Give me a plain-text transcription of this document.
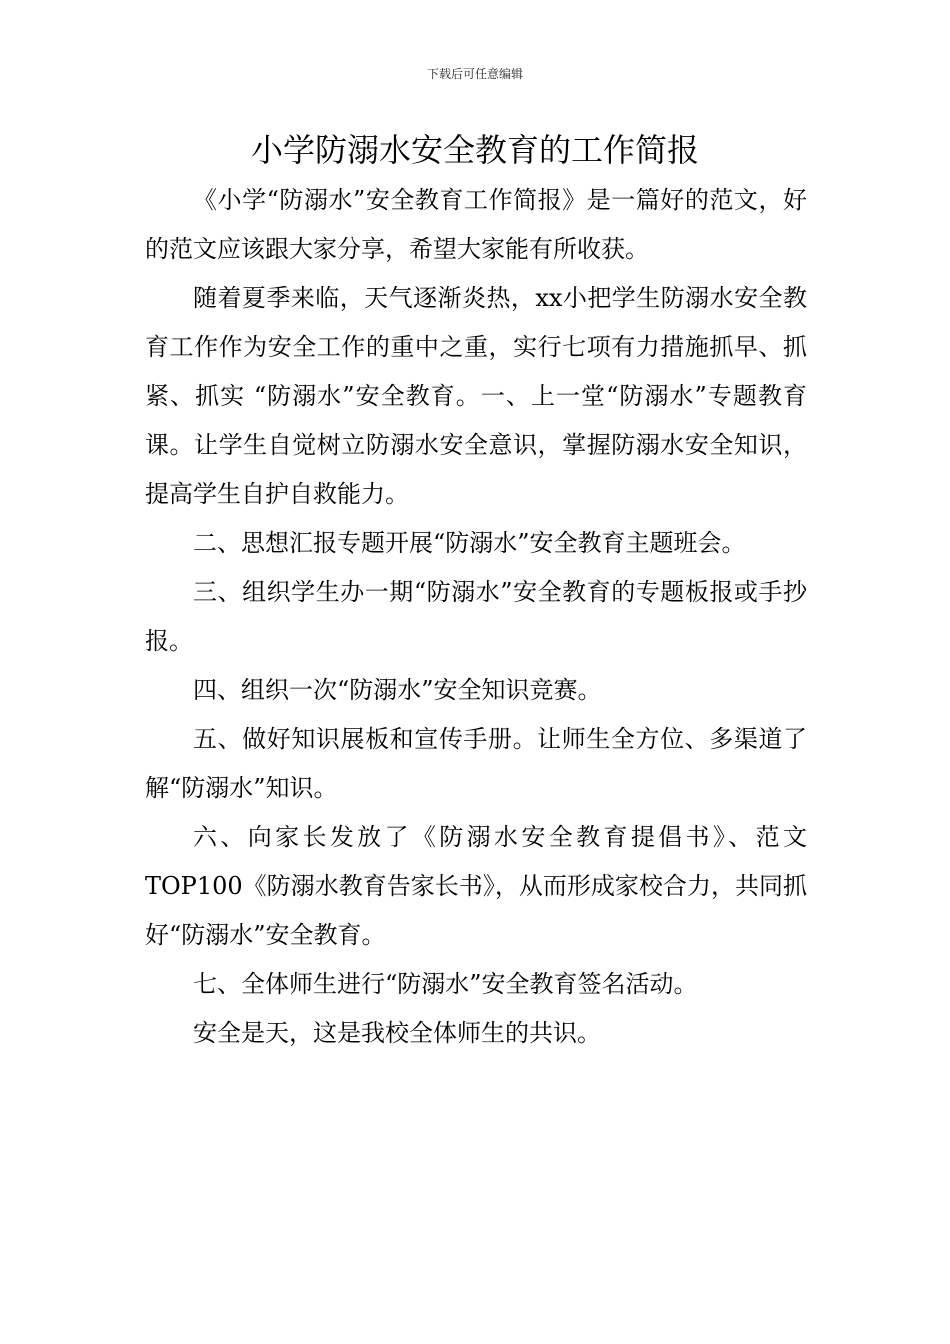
下载后可任意编辑
小学防溺水安全教育的工作简报

《小学“防溺水”安全教育工作简报》是一篇好的范文，好的范文应该跟大家分享，希望大家能有所收获。

随着夏季来临，天气逐渐炎热，xx小把学生防溺水安全教育工作作为安全工作的重中之重，实行七项有力措施抓早、抓紧、抓实 “防溺水”安全教育。一、上一堂“防溺水”专题教育课。让学生自觉树立防溺水安全意识，掌握防溺水安全知识，提高学生自护自救能力。

二、思想汇报专题开展“防溺水”安全教育主题班会。

三、组织学生办一期“防溺水”安全教育的专题板报或手抄报。

四、组织一次“防溺水”安全知识竞赛。

五、做好知识展板和宣传手册。让师生全方位、多渠道了解“防溺水”知识。

六、向家长发放了《防溺水安全教育提倡书》、范文TOP100《防溺水教育告家长书》，从而形成家校合力，共同抓好“防溺水”安全教育。

七、全体师生进行“防溺水”安全教育签名活动。

安全是天，这是我校全体师生的共识。
